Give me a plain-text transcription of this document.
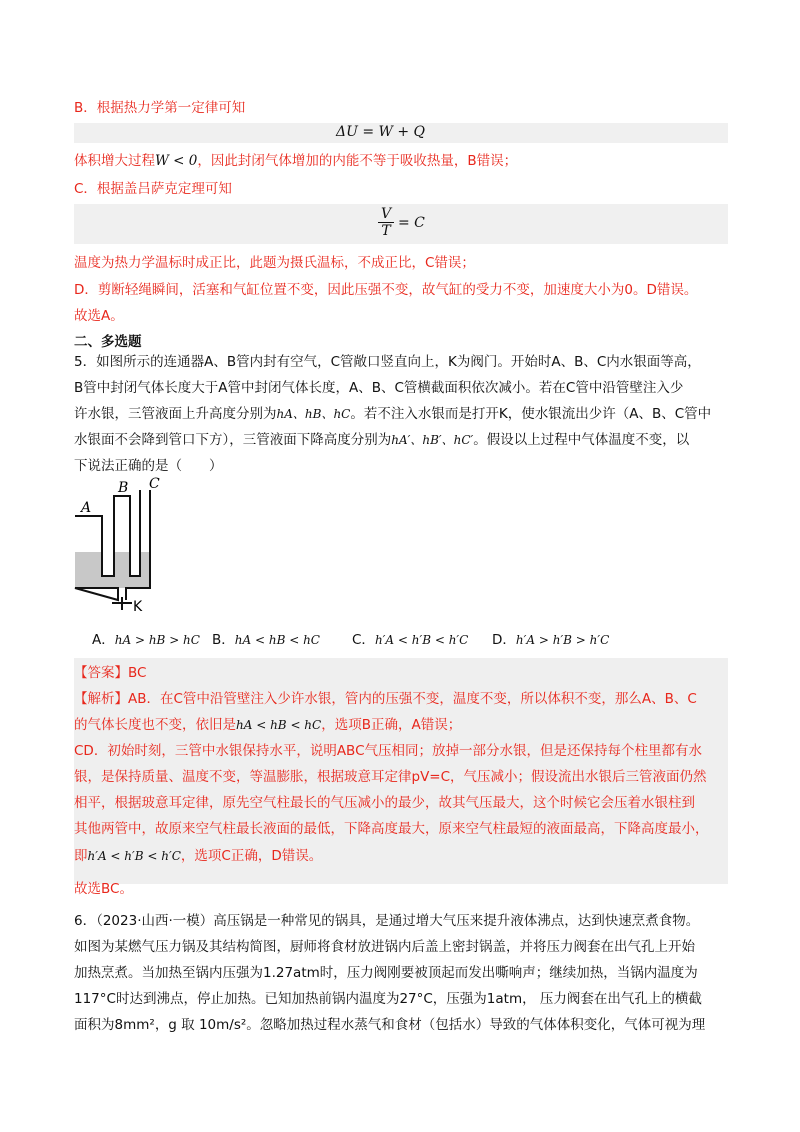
B．根据热力学第一定律可知
ΔU = W + Q
体积增大过程W < 0，因此封闭气体增加的内能不等于吸收热量，B错误；
C．根据盖吕萨克定理可知
$\frac{V}{T} = C$
温度为热力学温标时成正比，此题为摄氏温标，不成正比，C错误；
D．剪断轻绳瞬间，活塞和气缸位置不变，因此压强不变，故气缸的受力不变，加速度大小为0。D错误。
故选A。
二、多选题
5．如图所示的连通器A、B管内封有空气，C管敞口竖直向上，K为阀门。开始时A、B、C内水银面等高，
B管中封闭气体长度大于A管中封闭气体长度，A、B、C管横截面积依次减小。若在C管中沿管壁注入少
许水银，三管液面上升高度分别为hA、hB、hC。若不注入水银而是打开K，使水银流出少许（A、B、C管中
水银面不会降到管口下方），三管液面下降高度分别为hA′、hB′、hC′。假设以上过程中气体温度不变，以
下说法正确的是（　　）
A
B C
K
A．hA > hB > hC B．hA < hB < hC C．h′A < h′B < h′C D．h′A > h′B > h′C
【答案】BC
【解析】AB．在C管中沿管壁注入少许水银，管内的压强不变，温度不变，所以体积不变，那么A、B、C
的气体长度也不变，依旧是hA < hB < hC，选项B正确，A错误；
CD．初始时刻，三管中水银保持水平，说明ABC气压相同；放掉一部分水银，但是还保持每个柱里都有水
银，是保持质量、温度不变，等温膨胀，根据玻意耳定律pV=C，气压减小；假设流出水银后三管液面仍然
相平，根据玻意耳定律，原先空气柱最长的气压减小的最少，故其气压最大，这个时候它会压着水银柱到
其他两管中，故原来空气柱最长液面的最低，下降高度最大，原来空气柱最短的液面最高，下降高度最小，
即h′A < h′B < h′C，选项C正确，D错误。
故选BC。
6．（2023·山西·一模）高压锅是一种常见的锅具，是通过增大气压来提升液体沸点，达到快速烹煮食物。
如图为某燃气压力锅及其结构简图，厨师将食材放进锅内后盖上密封锅盖，并将压力阀套在出气孔上开始
加热烹煮。当加热至锅内压强为1.27atm时，压力阀刚要被顶起而发出嘶响声；继续加热，当锅内温度为
117°C时达到沸点，停止加热。已知加热前锅内温度为27°C，压强为1atm， 压力阀套在出气孔上的横截
面积为8mm²，g 取 10m/s²。忽略加热过程水蒸气和食材（包括水）导致的气体体积变化，气体可视为理
